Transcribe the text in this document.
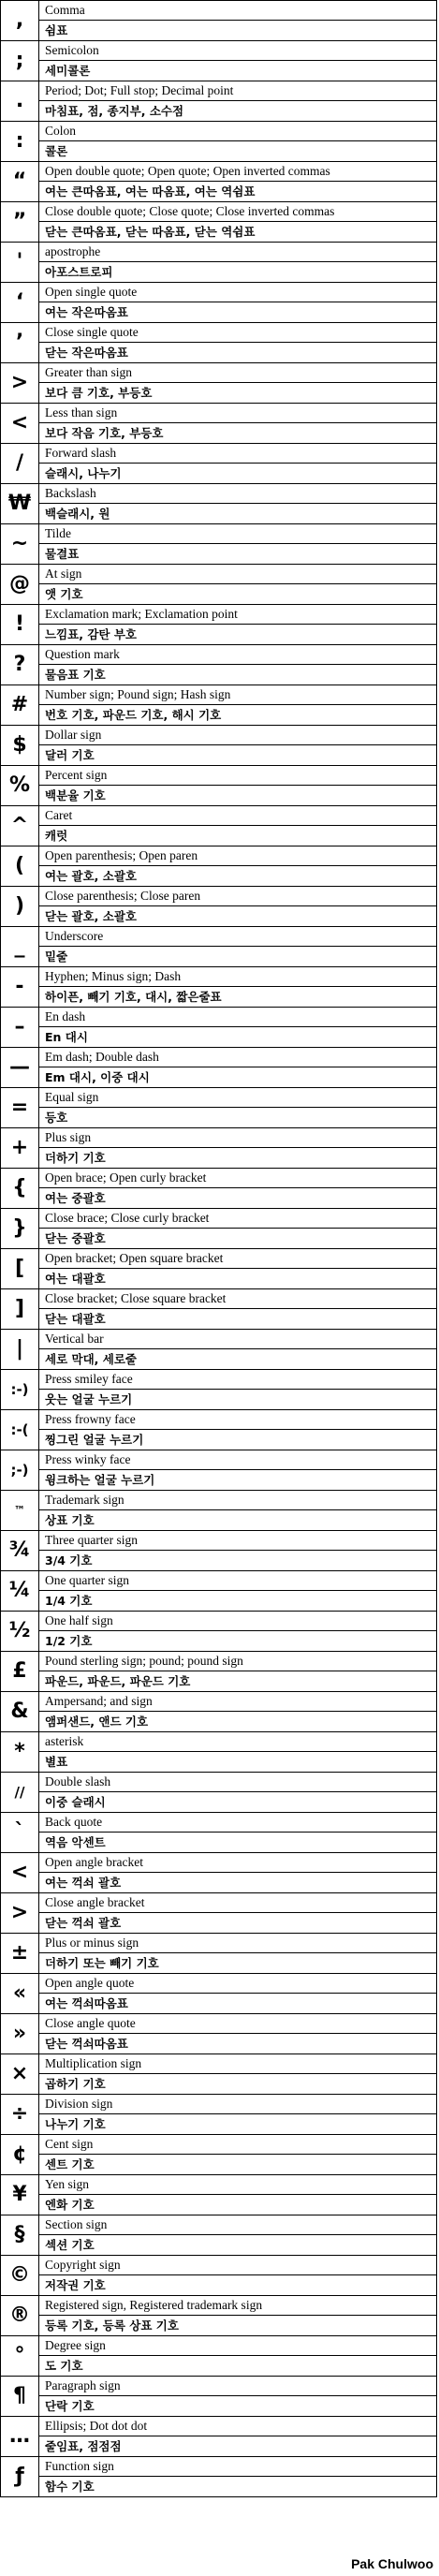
,	Comma
	쉼표
;	Semicolon
	세미콜론
.	Period; Dot; Full stop; Decimal point
	마침표, 점, 종지부, 소수점
:	Colon
	콜론
“	Open double quote; Open quote; Open inverted commas
	여는 큰따옴표, 여는 따옴표, 여는 역쉼표
”	Close double quote; Close quote; Close inverted commas
	닫는 큰따옴표, 닫는 따옴표, 닫는 역쉼표
'	apostrophe
	아포스트로피
‘	Open single quote
	여는 작은따옴표
’	Close single quote
	닫는 작은따옴표
>	Greater than sign
	보다 큼 기호, 부등호
<	Less than sign
	보다 작음 기호, 부등호
/	Forward slash
	슬래시, 나누기
₩	Backslash
	백슬래시, 원
~	Tilde
	물결표
@	At sign
	앳 기호
!	Exclamation mark; Exclamation point
	느낌표, 감탄 부호
?	Question mark
	물음표 기호
#	Number sign; Pound sign; Hash sign
	번호 기호, 파운드 기호, 해시 기호
$	Dollar sign
	달러 기호
%	Percent sign
	백분율 기호
^	Caret
	캐럿
(	Open parenthesis; Open paren
	여는 괄호, 소괄호
)	Close parenthesis; Close paren
	닫는 괄호, 소괄호
_	Underscore
	밑줄
-	Hyphen; Minus sign; Dash
	하이픈, 빼기 기호, 대시, 짧은줄표
–	En dash
	En 대시
—	Em dash; Double dash
	Em 대시, 이중 대시
=	Equal sign
	등호
+	Plus sign
	더하기 기호
{	Open brace; Open curly bracket
	여는 중괄호
}	Close brace; Close curly bracket
	닫는 중괄호
[	Open bracket; Open square bracket
	여는 대괄호
]	Close bracket; Close square bracket
	닫는 대괄호
|	Vertical bar
	세로 막대, 세로줄
:-)	Press smiley face
	웃는 얼굴 누르기
:-(	Press frowny face
	찡그린 얼굴 누르기
;-)	Press winky face
	윙크하는 얼굴 누르기
™	Trademark sign
	상표 기호
¾	Three quarter sign
	3/4 기호
¼	One quarter sign
	1/4 기호
½	One half sign
	1/2 기호
£	Pound sterling sign; pound; pound sign
	파운드, 파운드, 파운드 기호
&	Ampersand; and sign
	앰퍼샌드, 앤드 기호
*	asterisk
	별표
//	Double slash
	이중 슬래시
`	Back quote
	역음 악센트
<	Open angle bracket
	여는 꺽쇠 괄호
>	Close angle bracket
	닫는 꺽쇠 괄호
±	Plus or minus sign
	더하기 또는 빼기 기호
«	Open angle quote
	여는 꺽쇠따옴표
»	Close angle quote
	닫는 꺽쇠따옴표
×	Multiplication sign
	곱하기 기호
÷	Division sign
	나누기 기호
¢	Cent sign
	센트 기호
¥	Yen sign
	엔화 기호
§	Section sign
	섹션 기호
©	Copyright sign
	저작권 기호
®	Registered sign, Registered trademark sign
	등록 기호, 등록 상표 기호
°	Degree sign
	도 기호
¶	Paragraph sign
	단락 기호
…	Ellipsis; Dot dot dot
	줄임표, 점점점
ƒ	Function sign
	함수 기호
Pak Chulwoo
